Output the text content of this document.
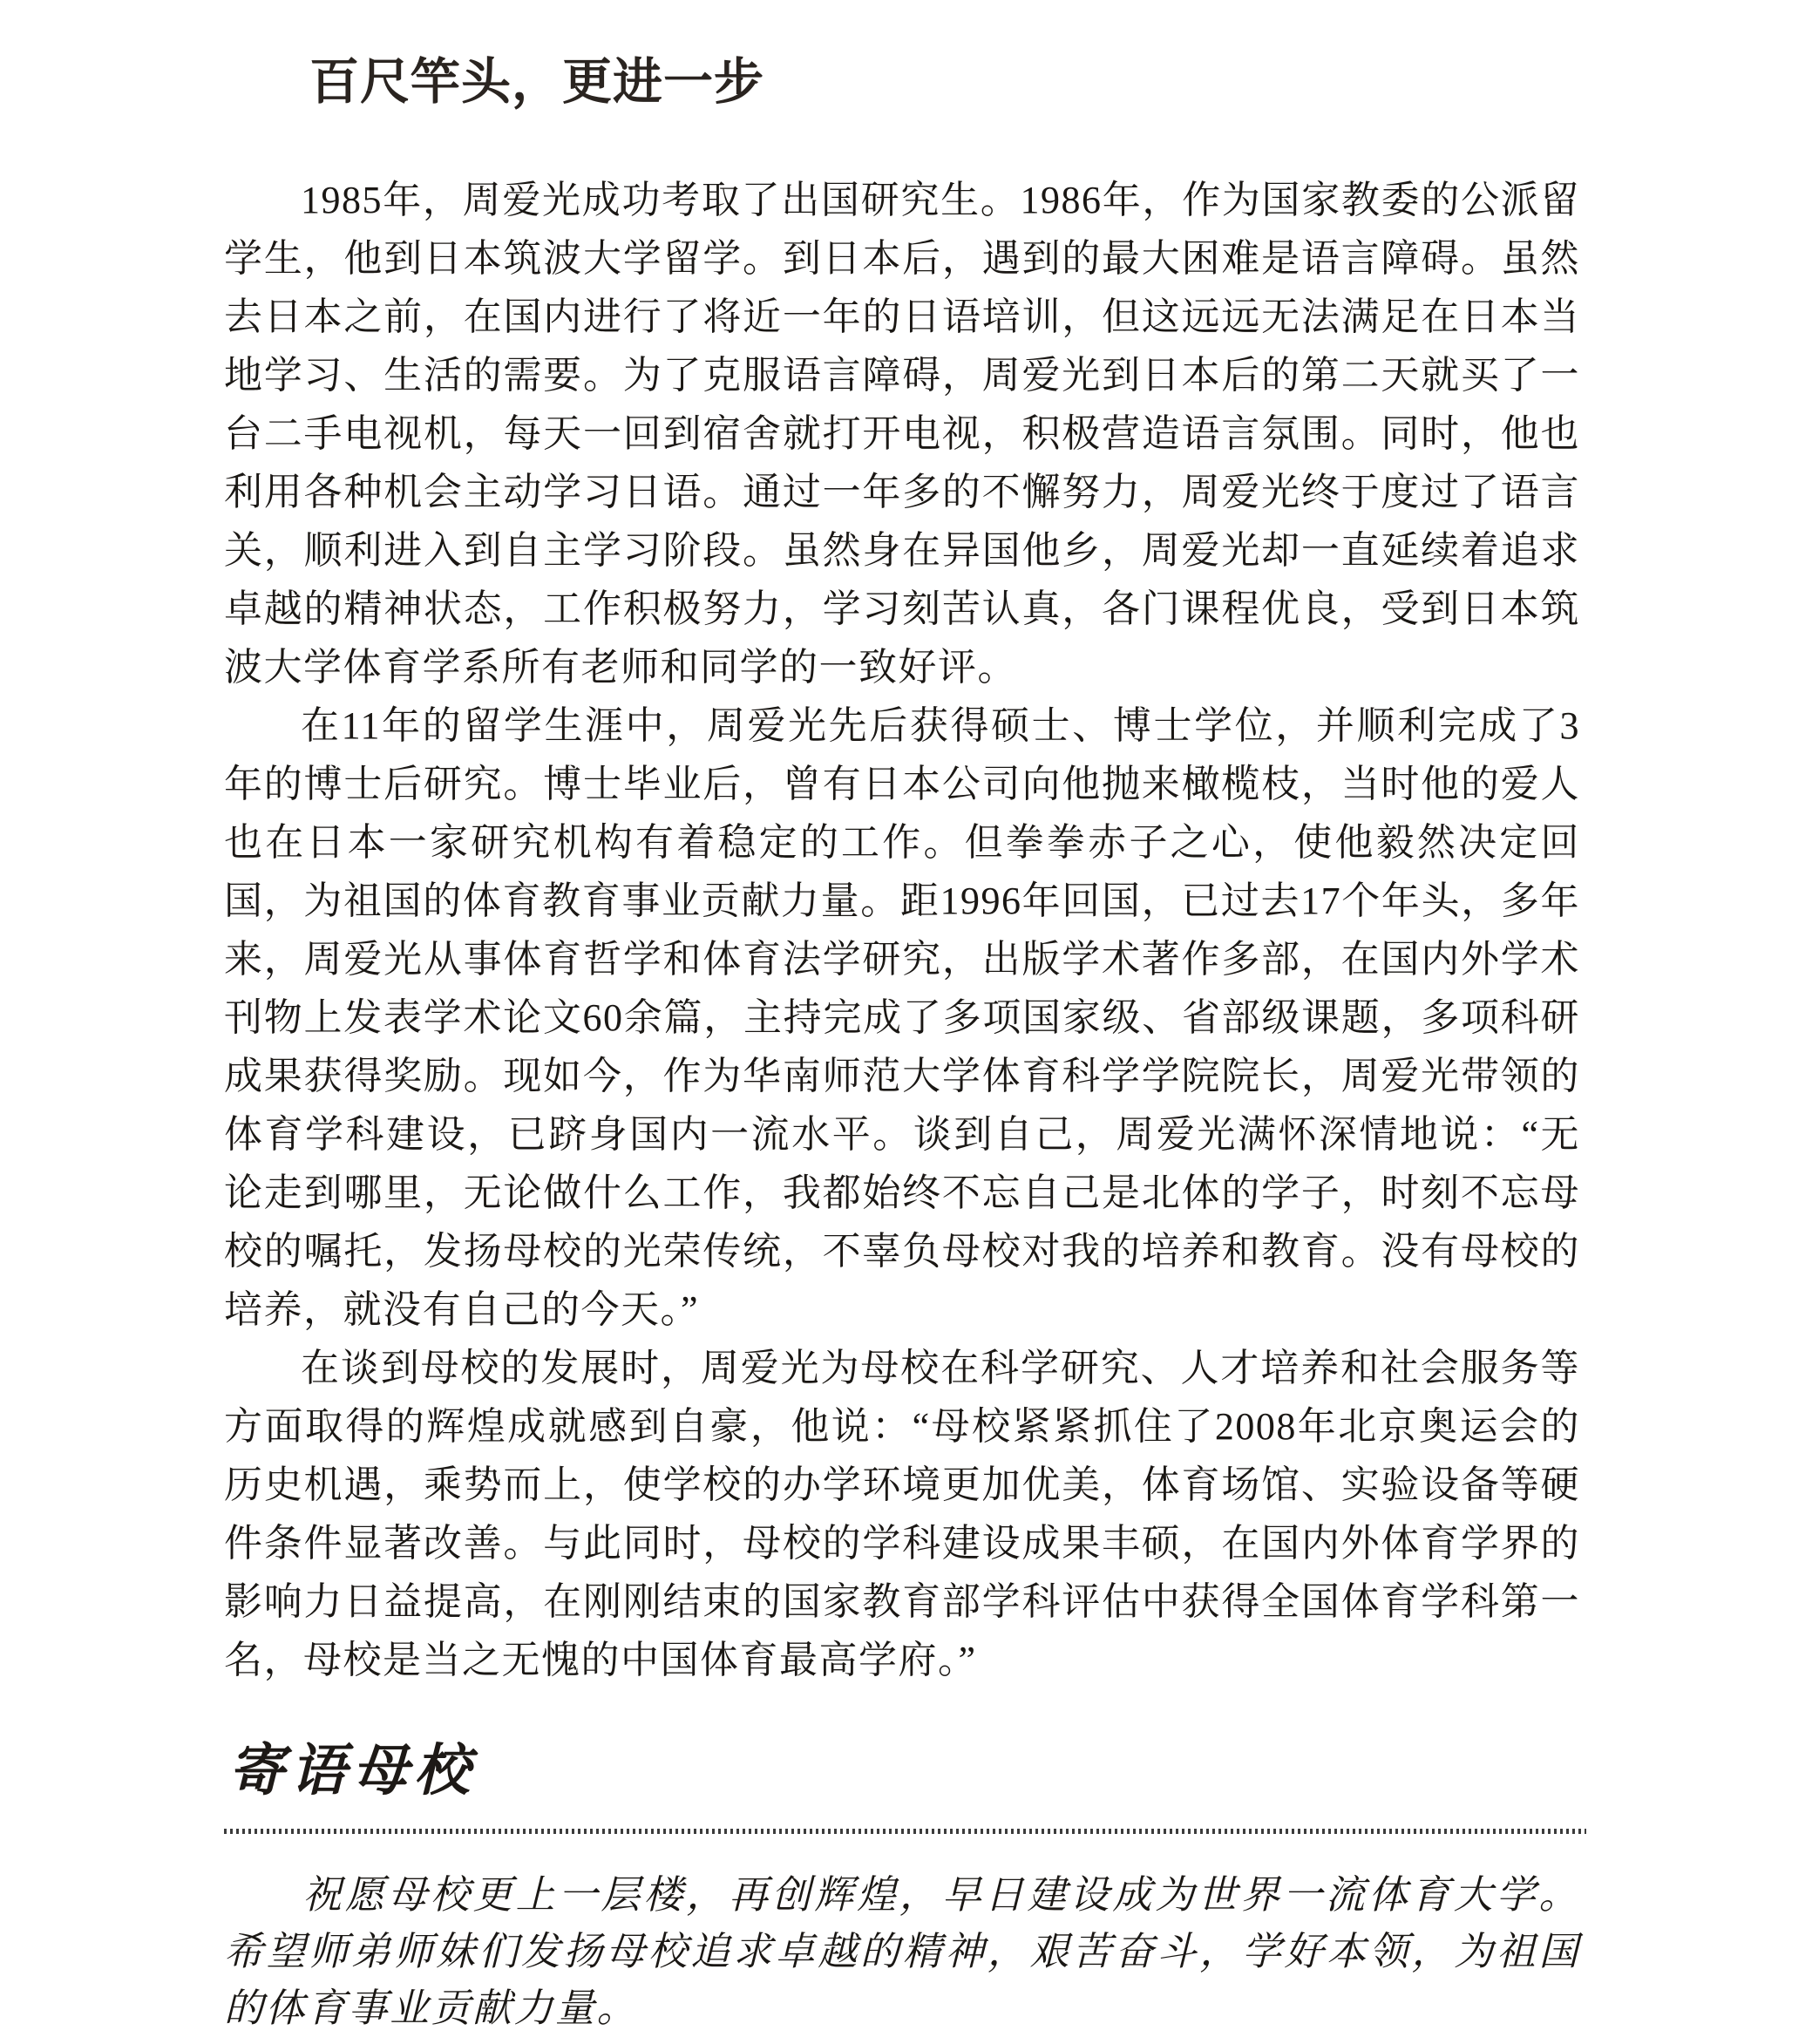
百尺竿头，更进一步

1985年，周爱光成功考取了出国研究生。1986年，作为国家教委的公派留学生，他到日本筑波大学留学。到日本后，遇到的最大困难是语言障碍。虽然去日本之前，在国内进行了将近一年的日语培训，但这远远无法满足在日本当地学习、生活的需要。为了克服语言障碍，周爱光到日本后的第二天就买了一台二手电视机，每天一回到宿舍就打开电视，积极营造语言氛围。同时，他也利用各种机会主动学习日语。通过一年多的不懈努力，周爱光终于度过了语言关，顺利进入到自主学习阶段。虽然身在异国他乡，周爱光却一直延续着追求卓越的精神状态，工作积极努力，学习刻苦认真，各门课程优良，受到日本筑波大学体育学系所有老师和同学的一致好评。

在11年的留学生涯中，周爱光先后获得硕士、博士学位，并顺利完成了3年的博士后研究。博士毕业后，曾有日本公司向他抛来橄榄枝，当时他的爱人也在日本一家研究机构有着稳定的工作。但拳拳赤子之心，使他毅然决定回国，为祖国的体育教育事业贡献力量。距1996年回国，已过去17个年头，多年来，周爱光从事体育哲学和体育法学研究，出版学术著作多部，在国内外学术刊物上发表学术论文60余篇，主持完成了多项国家级、省部级课题，多项科研成果获得奖励。现如今，作为华南师范大学体育科学学院院长，周爱光带领的体育学科建设，已跻身国内一流水平。谈到自己，周爱光满怀深情地说：“无论走到哪里，无论做什么工作，我都始终不忘自己是北体的学子，时刻不忘母校的嘱托，发扬母校的光荣传统，不辜负母校对我的培养和教育。没有母校的培养，就没有自己的今天。”

在谈到母校的发展时，周爱光为母校在科学研究、人才培养和社会服务等方面取得的辉煌成就感到自豪，他说：“母校紧紧抓住了2008年北京奥运会的历史机遇，乘势而上，使学校的办学环境更加优美，体育场馆、实验设备等硬件条件显著改善。与此同时，母校的学科建设成果丰硕，在国内外体育学界的影响力日益提高，在刚刚结束的国家教育部学科评估中获得全国体育学科第一名，母校是当之无愧的中国体育最高学府。”

寄语母校

祝愿母校更上一层楼，再创辉煌，早日建设成为世界一流体育大学。希望师弟师妹们发扬母校追求卓越的精神，艰苦奋斗，学好本领，为祖国的体育事业贡献力量。
